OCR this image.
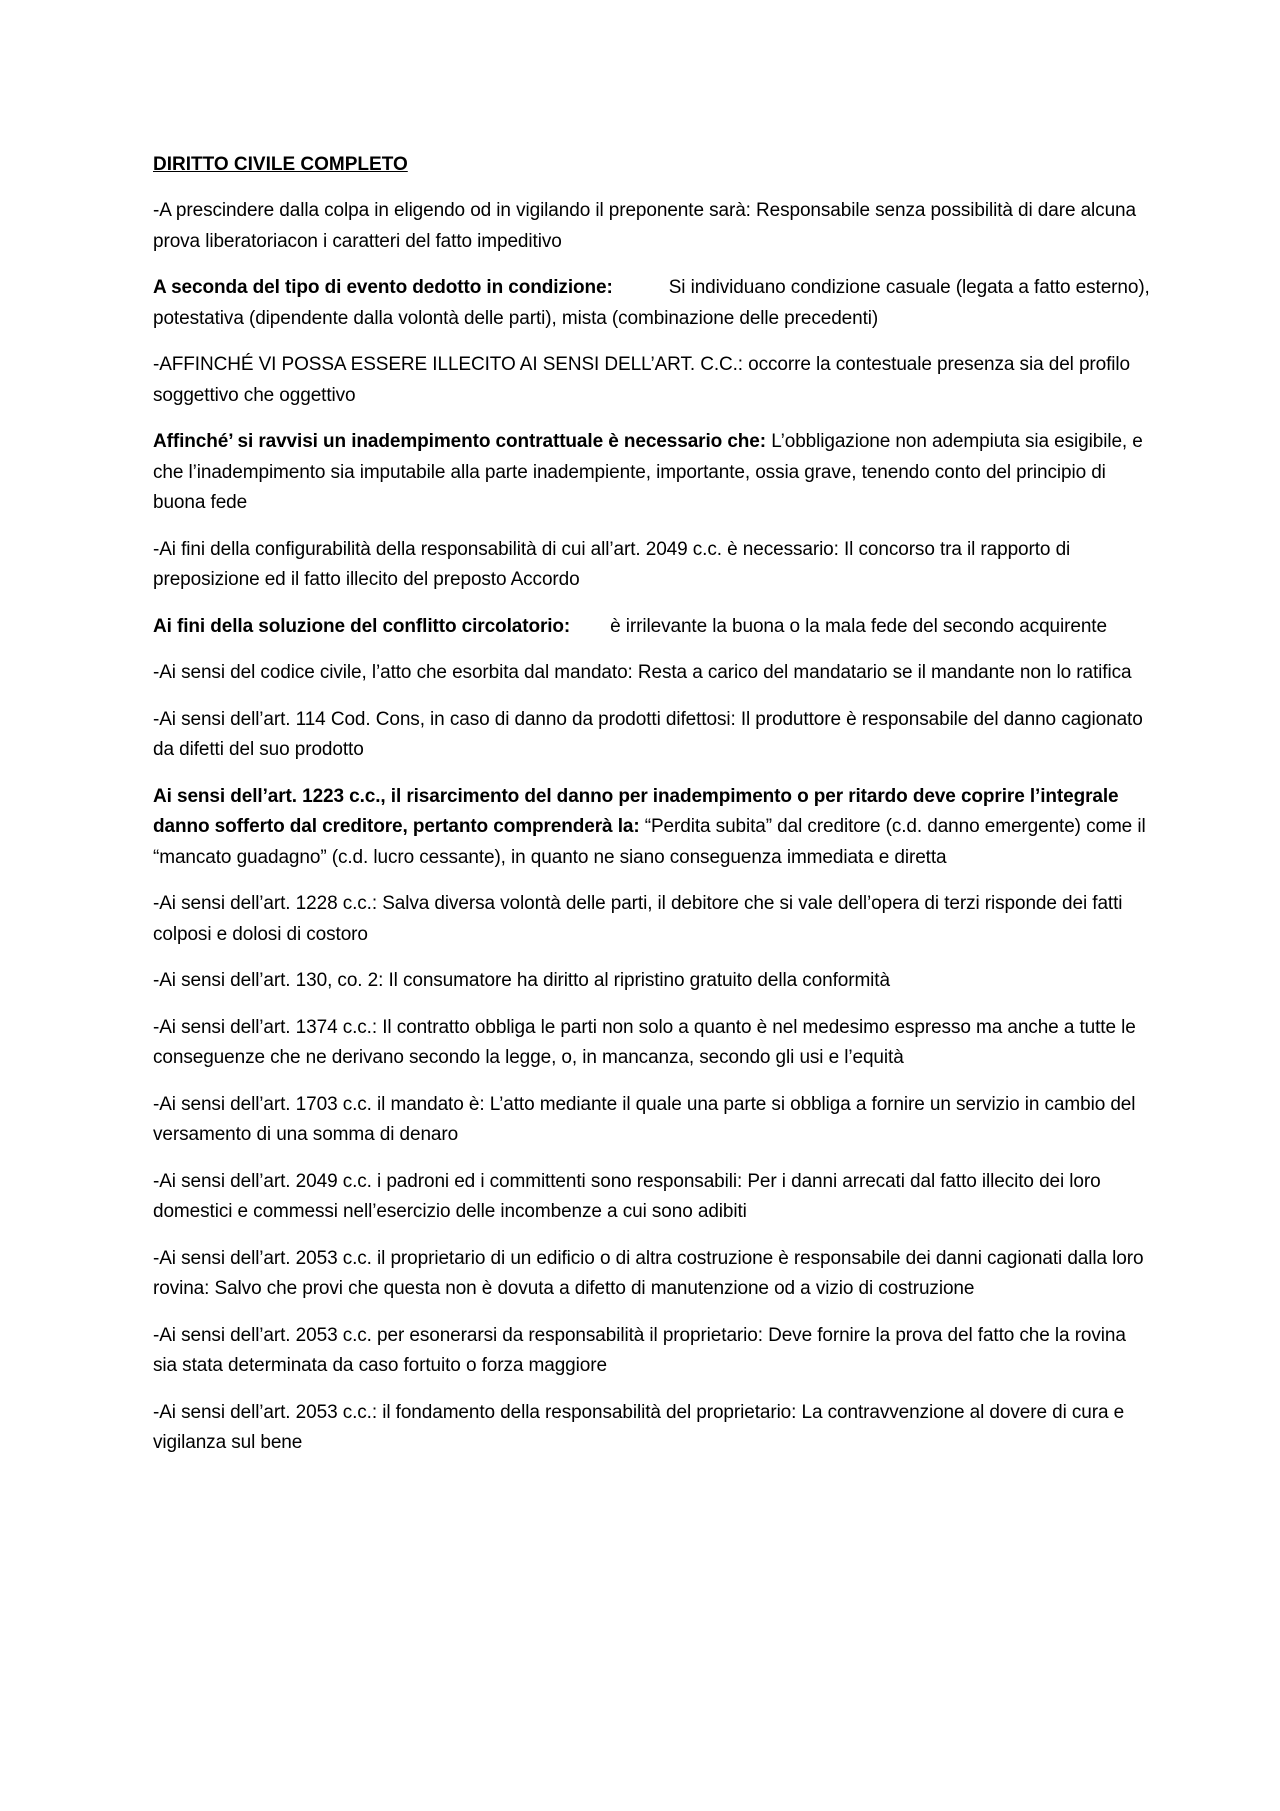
DIRITTO CIVILE COMPLETO

-A prescindere dalla colpa in eligendo od in vigilando il preponente sarà: Responsabile senza possibilità di dare alcuna prova liberatoriacon i caratteri del fatto impeditivo

A seconda del tipo di evento dedotto in condizione:	Si individuano condizione casuale (legata a fatto esterno), potestativa (dipendente dalla volontà delle parti), mista (combinazione delle precedenti)

-AFFINCHÉ VI POSSA ESSERE ILLECITO AI SENSI DELL’ART. C.C.: occorre la contestuale presenza sia del profilo soggettivo che oggettivo

Affinché’ si ravvisi un inadempimento contrattuale è necessario che: L’obbligazione non adempiuta sia esigibile, e che l’inadempimento sia imputabile alla parte inadempiente, importante, ossia grave, tenendo conto del principio di buona fede

-Ai fini della configurabilità della responsabilità di cui all’art. 2049 c.c. è necessario: Il concorso tra il rapporto di preposizione ed il fatto illecito del preposto Accordo

Ai fini della soluzione del conflitto circolatorio: è irrilevante la buona o la mala fede del secondo acquirente

-Ai sensi del codice civile, l’atto che esorbita dal mandato: Resta a carico del mandatario se il mandante non lo ratifica

-Ai sensi dell’art. 114 Cod. Cons, in caso di danno da prodotti difettosi: Il produttore è responsabile del danno cagionato da difetti del suo prodotto

Ai sensi dell’art. 1223 c.c., il risarcimento del danno per inadempimento o per ritardo deve coprire l’integrale danno sofferto dal creditore, pertanto comprenderà la: “Perdita subita” dal creditore (c.d. danno emergente) come il “mancato guadagno” (c.d. lucro cessante), in quanto ne siano conseguenza immediata e diretta

-Ai sensi dell’art. 1228 c.c.: Salva diversa volontà delle parti, il debitore che si vale dell’opera di terzi risponde dei fatti colposi e dolosi di costoro

-Ai sensi dell’art. 130, co. 2: Il consumatore ha diritto al ripristino gratuito della conformità

-Ai sensi dell’art. 1374 c.c.: Il contratto obbliga le parti non solo a quanto è nel medesimo espresso ma anche a tutte le conseguenze che ne derivano secondo la legge, o, in mancanza, secondo gli usi e l’equità

-Ai sensi dell’art. 1703 c.c. il mandato è: L’atto mediante il quale una parte si obbliga a fornire un servizio in cambio del versamento di una somma di denaro

-Ai sensi dell’art. 2049 c.c. i padroni ed i committenti sono responsabili: Per i danni arrecati dal fatto illecito dei loro domestici e commessi nell’esercizio delle incombenze a cui sono adibiti

-Ai sensi dell’art. 2053 c.c. il proprietario di un edificio o di altra costruzione è responsabile dei danni cagionati dalla loro rovina: Salvo che provi che questa non è dovuta a difetto di manutenzione od a vizio di costruzione

-Ai sensi dell’art. 2053 c.c. per esonerarsi da responsabilità il proprietario: Deve fornire la prova del fatto che la rovina sia stata determinata da caso fortuito o forza maggiore

-Ai sensi dell’art. 2053 c.c.: il fondamento della responsabilità del proprietario: La contravvenzione al dovere di cura e vigilanza sul bene
